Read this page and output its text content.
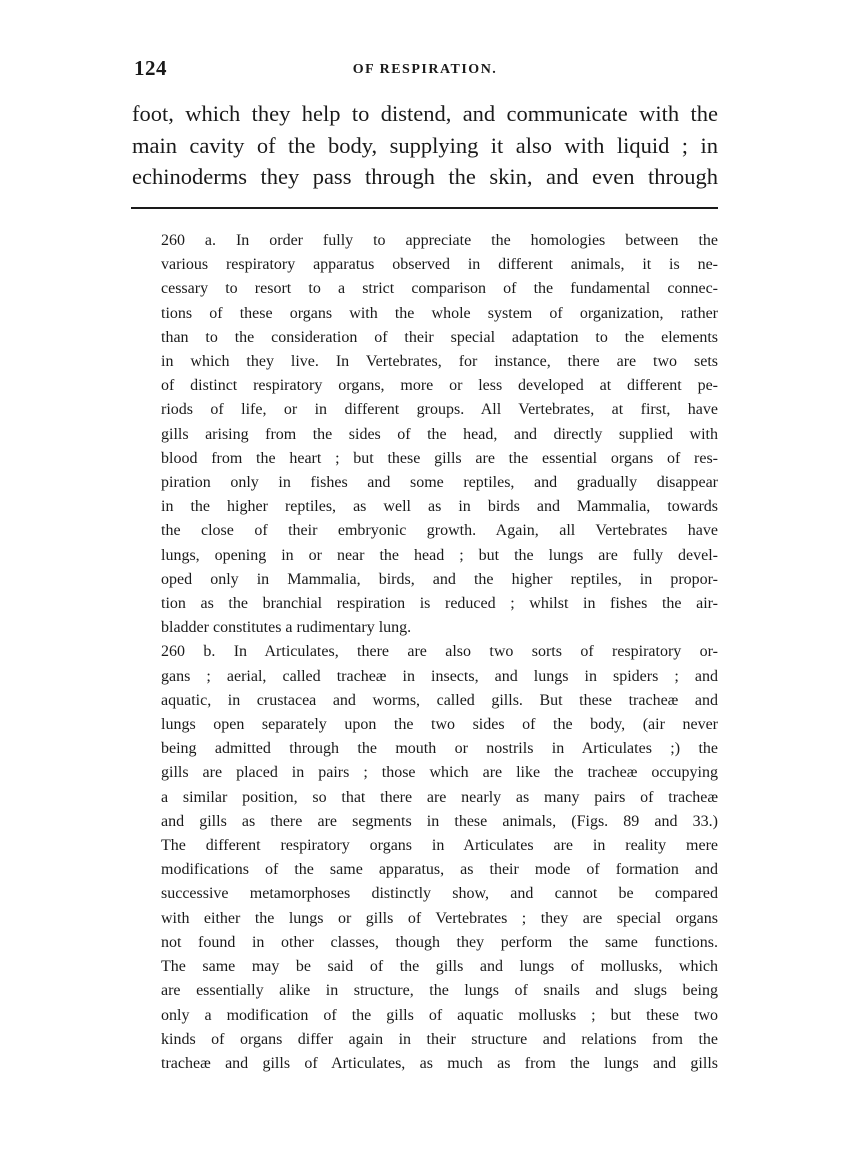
124	OF RESPIRATION.
foot, which they help to distend, and communicate with the
main cavity of the body, supplying it also with liquid ; in
echinoderms they pass through the skin, and even through
260 a. In order fully to appreciate the homologies between the
various respiratory apparatus observed in different animals, it is ne-
cessary to resort to a strict comparison of the fundamental connec-
tions of these organs with the whole system of organization, rather
than to the consideration of their special adaptation to the elements
in which they live. In Vertebrates, for instance, there are two sets
of distinct respiratory organs, more or less developed at different pe-
riods of life, or in different groups. All Vertebrates, at first, have
gills arising from the sides of the head, and directly supplied with
blood from the heart ; but these gills are the essential organs of res-
piration only in fishes and some reptiles, and gradually disappear
in the higher reptiles, as well as in birds and Mammalia, towards
the close of their embryonic growth. Again, all Vertebrates have
lungs, opening in or near the head ; but the lungs are fully devel-
oped only in Mammalia, birds, and the higher reptiles, in propor-
tion as the branchial respiration is reduced ; whilst in fishes the air-
bladder constitutes a rudimentary lung.
260 b. In Articulates, there are also two sorts of respiratory or-
gans ; aerial, called tracheæ in insects, and lungs in spiders ; and
aquatic, in crustacea and worms, called gills. But these tracheæ and
lungs open separately upon the two sides of the body, (air never
being admitted through the mouth or nostrils in Articulates ;) the
gills are placed in pairs ; those which are like the tracheæ occupying
a similar position, so that there are nearly as many pairs of tracheæ
and gills as there are segments in these animals, (Figs. 89 and 33.)
The different respiratory organs in Articulates are in reality mere
modifications of the same apparatus, as their mode of formation and
successive metamorphoses distinctly show, and cannot be compared
with either the lungs or gills of Vertebrates ; they are special organs
not found in other classes, though they perform the same functions.
The same may be said of the gills and lungs of mollusks, which
are essentially alike in structure, the lungs of snails and slugs being
only a modification of the gills of aquatic mollusks ; but these two
kinds of organs differ again in their structure and relations from the
tracheæ and gills of Articulates, as much as from the lungs and gills
